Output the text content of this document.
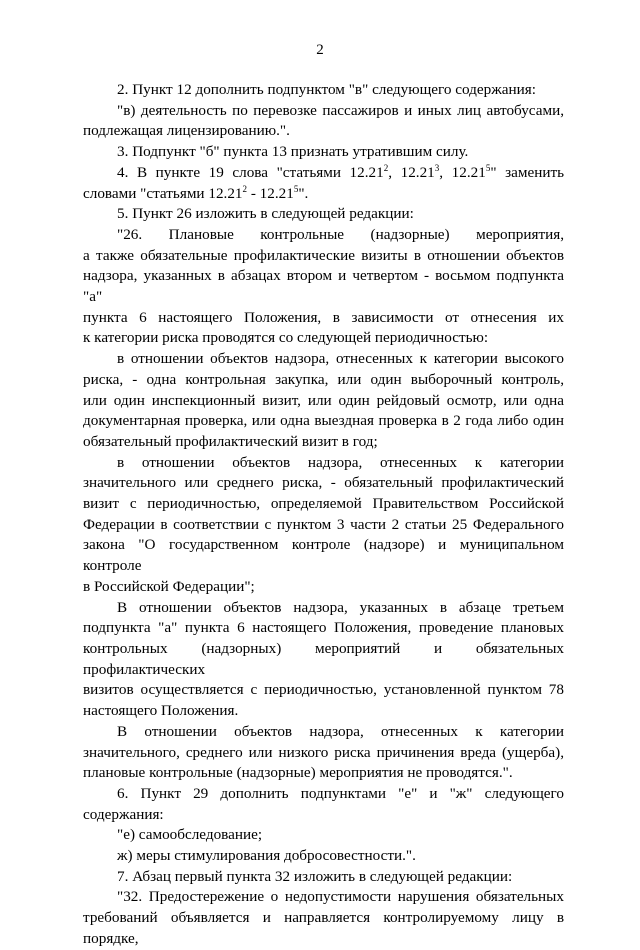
2
2. Пункт 12 дополнить подпунктом "в" следующего содержания:
"в) деятельность по перевозке пассажиров и иных лиц автобусами,
подлежащая лицензированию.".
3. Подпункт "б" пункта 13 признать утратившим силу.
4. В пункте 19 слова "статьями 12.21$^2$, 12.21$^3$, 12.21$^5$" заменить
словами "статьями 12.21$^2$ - 12.21$^5$".
5. Пункт 26 изложить в следующей редакции:
"26. Плановые контрольные (надзорные) мероприятия,
а также обязательные профилактические визиты в отношении объектов
надзора, указанных в абзацах втором и четвертом - восьмом подпункта "а"
пункта 6 настоящего Положения, в зависимости от отнесения их
к категории риска проводятся со следующей периодичностью:
в отношении объектов надзора, отнесенных к категории высокого
риска, - одна контрольная закупка, или один выборочный контроль,
или один инспекционный визит, или один рейдовый осмотр, или одна
документарная проверка, или одна выездная проверка в 2 года либо один
обязательный профилактический визит в год;
в отношении объектов надзора, отнесенных к категории
значительного или среднего риска, - обязательный профилактический
визит с периодичностью, определяемой Правительством Российской
Федерации в соответствии с пунктом 3 части 2 статьи 25 Федерального
закона "О государственном контроле (надзоре) и муниципальном контроле
в Российской Федерации";
В отношении объектов надзора, указанных в абзаце третьем
подпункта "а" пункта 6 настоящего Положения, проведение плановых
контрольных (надзорных) мероприятий и обязательных профилактических
визитов осуществляется с периодичностью, установленной пунктом 78
настоящего Положения.
В отношении объектов надзора, отнесенных к категории
значительного, среднего или низкого риска причинения вреда (ущерба),
плановые контрольные (надзорные) мероприятия не проводятся.".
6. Пункт 29 дополнить подпунктами "е" и "ж" следующего
содержания:
"е) самообследование;
ж) меры стимулирования добросовестности.".
7. Абзац первый пункта 32 изложить в следующей редакции:
"32. Предостережение о недопустимости нарушения обязательных
требований объявляется и направляется контролируемому лицу в порядке,
